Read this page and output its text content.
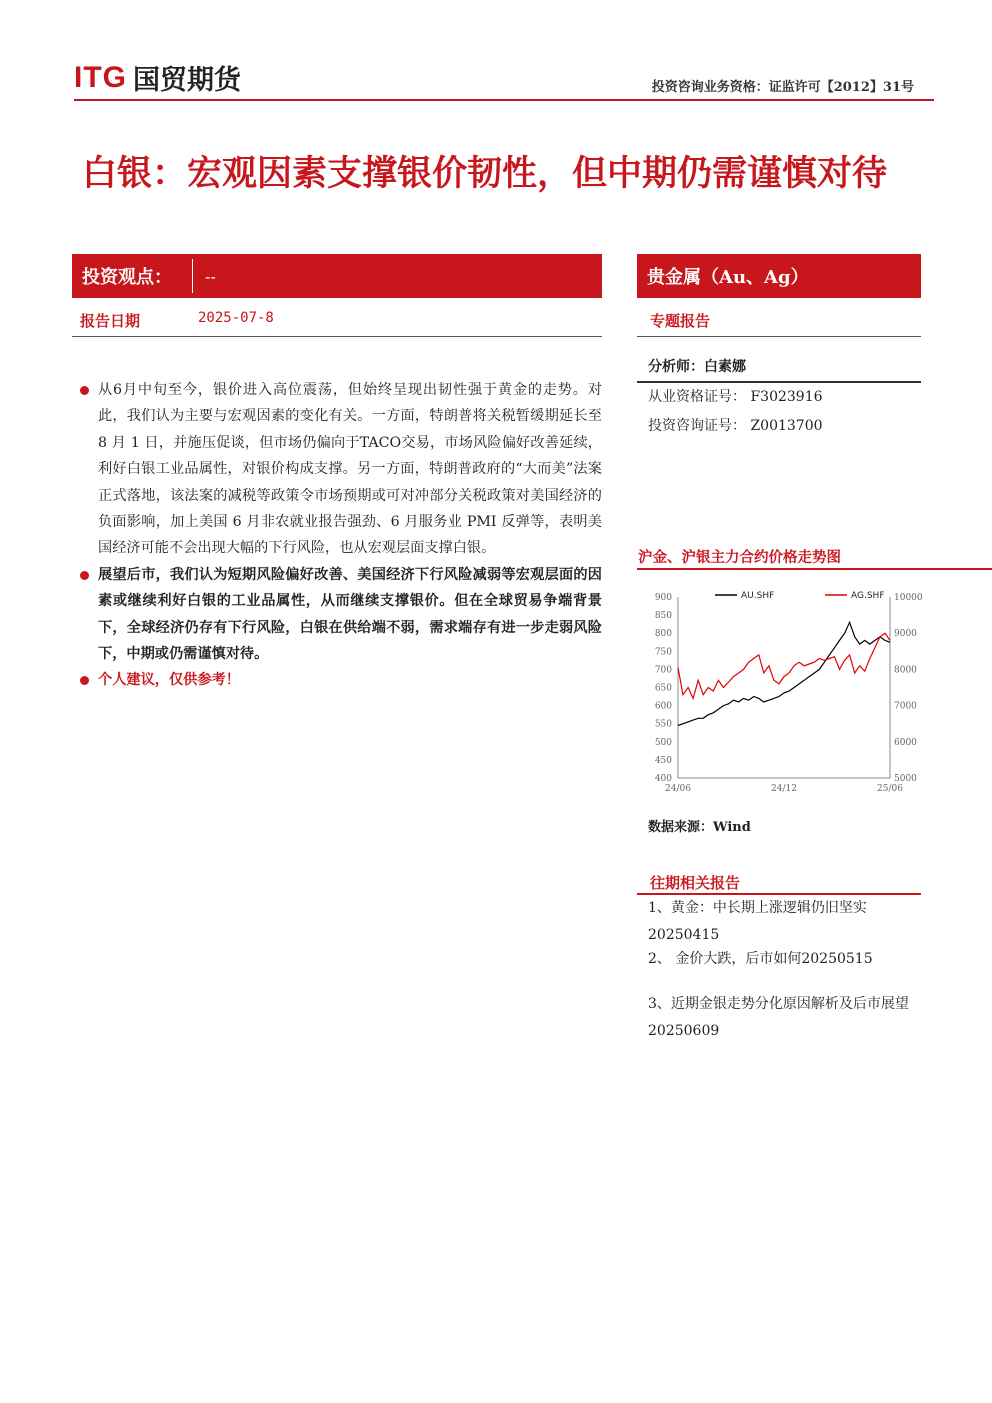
ITG 国贸期货	投资咨询业务资格：证监许可【2012】31号
白银：宏观因素支撑银价韧性，但中期仍需谨慎对待
投资观点： --
报告日期	2025-07-8
贵金属（Au、Ag）
专题报告
分析师：白素娜
从业资格证号： F3023916
投资咨询证号： Z0013700
从6月中旬至今，银价进入高位震荡，但始终呈现出韧性强于黄金的走势。对此，我们认为主要与宏观因素的变化有关。一方面，特朗普将关税暂缓期延长至 8 月 1 日，并施压促谈，但市场仍偏向于TACO交易，市场风险偏好改善延续，利好白银工业品属性，对银价构成支撑。另一方面，特朗普政府的“大而美”法案正式落地，该法案的减税等政策令市场预期或可对冲部分关税政策对美国经济的负面影响，加上美国 6 月非农就业报告强劲、6 月服务业 PMI 反弹等，表明美国经济可能不会出现大幅的下行风险，也从宏观层面支撑白银。
展望后市，我们认为短期风险偏好改善、美国经济下行风险减弱等宏观层面的因素或继续利好白银的工业品属性，从而继续支撑银价。但在全球贸易争端背景下，全球经济仍存有下行风险，白银在供给端不弱，需求端存有进一步走弱风险下，中期或仍需谨慎对待。
个人建议，仅供参考！
沪金、沪银主力合约价格走势图
900
850
800
750
700
650
600
550
500
450
400
10000
9000
8000
7000
6000
5000
24/06	24/12	25/06
AU.SHF	AG.SHF
数据来源：Wind
往期相关报告
1、黄金：中长期上涨逻辑仍旧坚实20250415
2、 金价大跌，后市如何20250515
3、近期金银走势分化原因解析及后市展望20250609
